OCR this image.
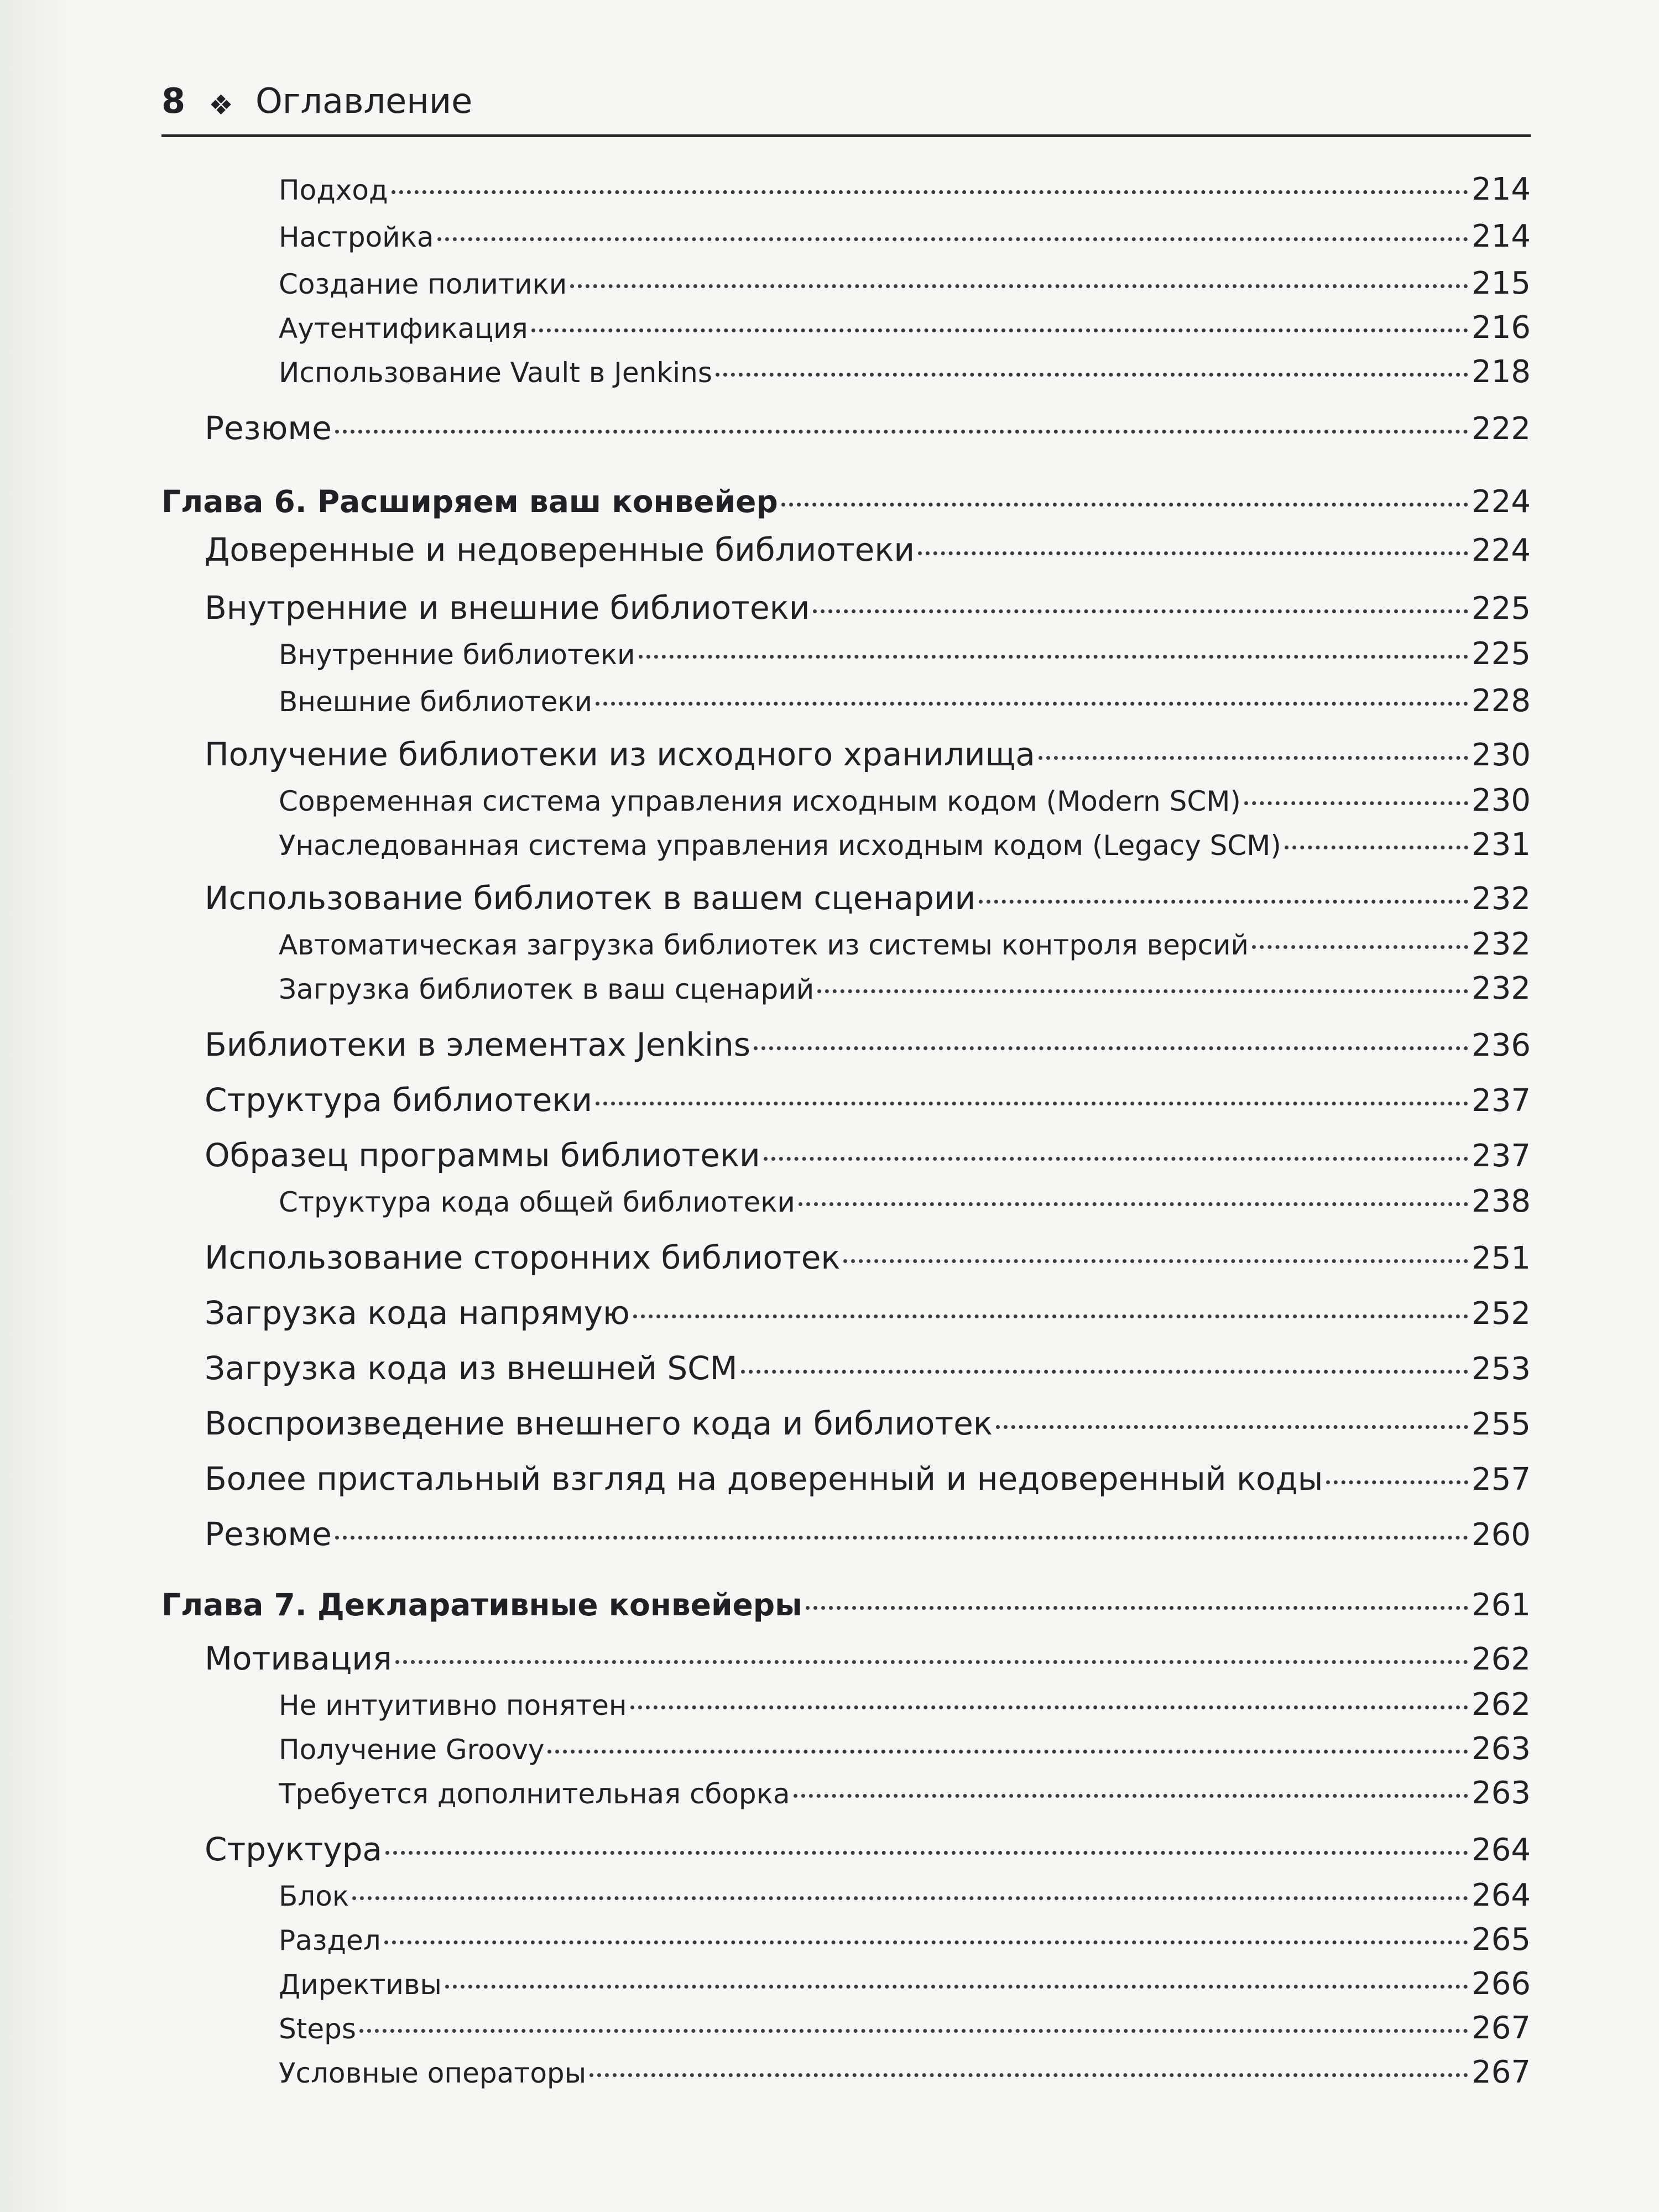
8 ❖ Оглавление
Подход	214
Настройка	214
Создание политики	215
Аутентификация	216
Использование Vault в Jenkins	218
Резюме	222
Глава 6. Расширяем ваш конвейер	224
Доверенные и недоверенные библиотеки	224
Внутренние и внешние библиотеки	225
Внутренние библиотеки	225
Внешние библиотеки	228
Получение библиотеки из исходного хранилища	230
Современная система управления исходным кодом (Modern SCM)	230
Унаследованная система управления исходным кодом (Legacy SCM)	231
Использование библиотек в вашем сценарии	232
Автоматическая загрузка библиотек из системы контроля версий	232
Загрузка библиотек в ваш сценарий	232
Библиотеки в элементах Jenkins	236
Структура библиотеки	237
Образец программы библиотеки	237
Структура кода общей библиотеки	238
Использование сторонних библиотек	251
Загрузка кода напрямую	252
Загрузка кода из внешней SCM	253
Воспроизведение внешнего кода и библиотек	255
Более пристальный взгляд на доверенный и недоверенный коды	257
Резюме	260
Глава 7. Декларативные конвейеры	261
Мотивация	262
Не интуитивно понятен	262
Получение Groovy	263
Требуется дополнительная сборка	263
Структура	264
Блок	264
Раздел	265
Директивы	266
Steps	267
Условные операторы	267
